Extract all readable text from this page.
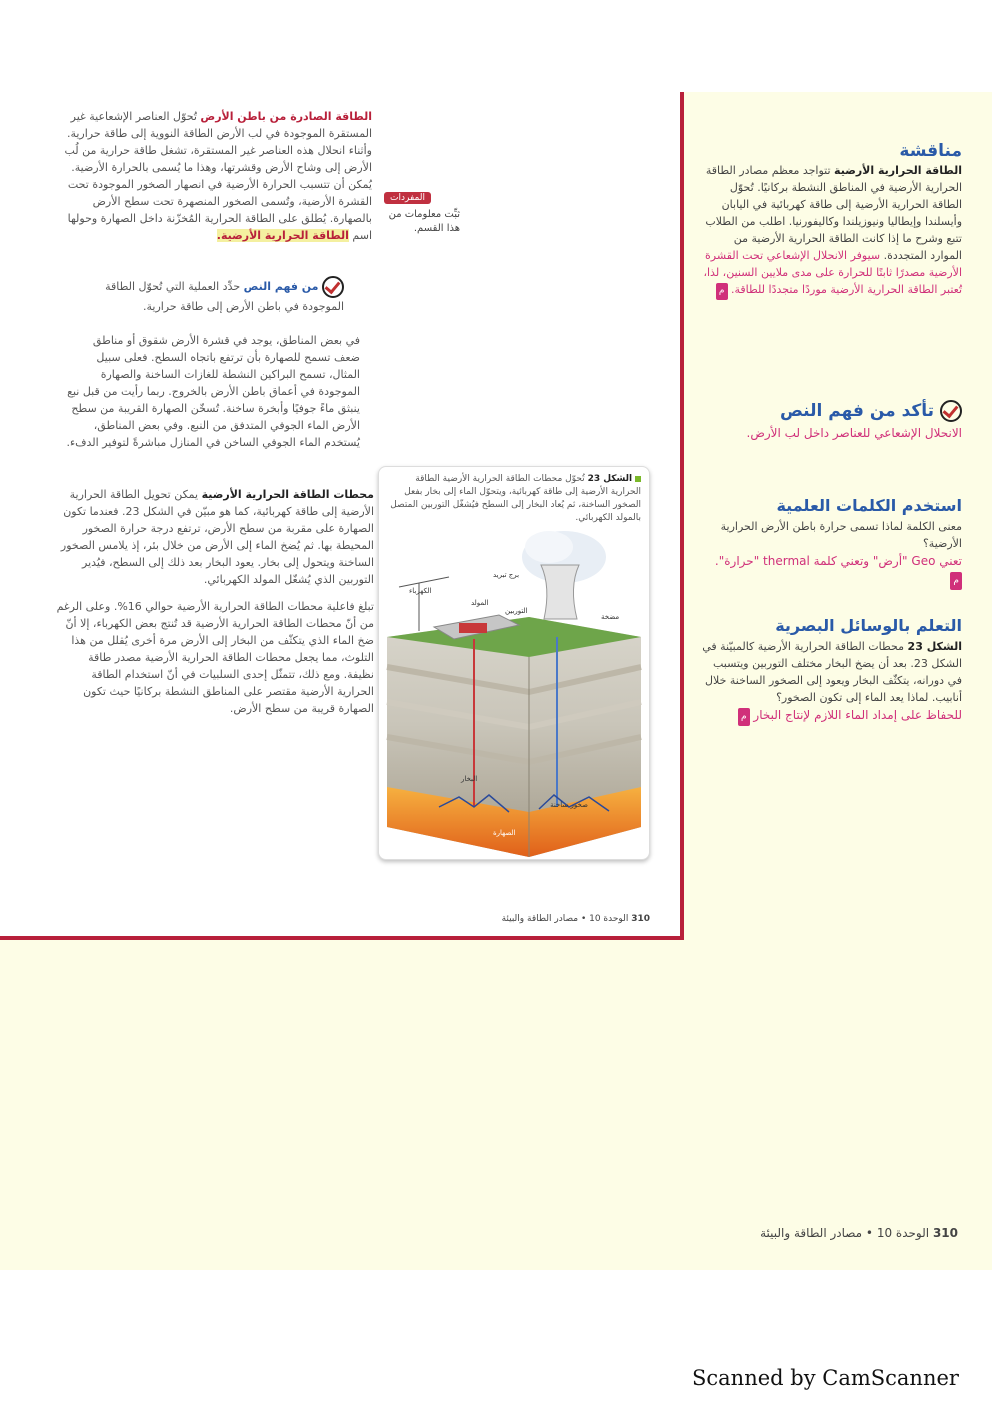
الطاقة الصادرة من باطن الأرض تُحوّل العناصر الإشعاعية غير المستقرة الموجودة في لب الأرض الطاقة النووية إلى طاقة حرارية. وأثناء انحلال هذه العناصر غير المستقرة، تشغل طاقة حرارية من لُب الأرض إلى وشاح الأرض وقشرتها، وهذا ما يُسمى بالحرارة الأرضية. يُمكن أن تتسبب الحرارة الأرضية في انصهار الصخور الموجودة تحت القشرة الأرضية، وتُسمى الصخور المنصهرة تحت سطح الأرض بالصهارة. يُطلق على الطاقة الحرارية المُخزّنة داخل الصهارة وحولها اسم الطاقة الحرارية الأرضية.
المفردات
ثبِّت معلومات من هذا القسم.
من فهم النص حدِّد العملية التي تُحوّل الطاقة الموجودة في باطن الأرض إلى طاقة حرارية.
في بعض المناطق، يوجد في قشرة الأرض شقوق أو مناطق ضعف تسمح للصهارة بأن ترتفع باتجاه السطح. فعلى سبيل المثال، تسمح البراكين النشطة للغازات الساخنة والصهارة الموجودة في أعماق باطن الأرض بالخروج. ربما رأيت من قبل نبع ينبثق ماءً جوفيًا وأبخرة ساخنة. تُسخّن الصهارة القريبة من سطح الأرض الماء الجوفي المتدفق من النبع. وفي بعض المناطق، يُستخدم الماء الجوفي الساخن في المنازل مباشرةً لتوفير الدفء.
محطات الطاقة الحرارية الأرضية يمكن تحويل الطاقة الحرارية الأرضية إلى طاقة كهربائية، كما هو مبيّن في الشكل 23. فعندما تكون الصهارة على مقربة من سطح الأرض، ترتفع درجة حرارة الصخور المحيطة بها. ثم يُضخ الماء إلى الأرض من خلال بئر، إذ يلامس الصخور الساخنة ويتحول إلى بخار. يعود البخار بعد ذلك إلى السطح، فيُدير التوربين الذي يُشغّل المولد الكهربائي.
تبلغ فاعلية محطات الطاقة الحرارية الأرضية حوالي 16%. وعلى الرغم من أنّ محطات الطاقة الحرارية الأرضية قد تُنتج بعض الكهرباء، إلا أنّ ضخ الماء الذي يتكثّف من البخار إلى الأرض مرة أخرى يُقلل من هذا التلوث، مما يجعل محطات الطاقة الحرارية الأرضية مصدر طاقة نظيفة. ومع ذلك، تتمثّل إحدى السلبيات في أنّ استخدام الطاقة الحرارية الأرضية مقتصر على المناطق النشطة بركانيًا حيث تكون الصهارة قريبة من سطح الأرض.
الشكل 23 تُحوّل محطات الطاقة الحرارية الأرضية الطاقة الحرارية الأرضية إلى طاقة كهربائية، ويتحوّل الماء إلى بخار بفعل الصخور الساخنة، ثم يُعاد البخار إلى السطح فيُشغّل التوربين المتصل بالمولد الكهربائي.
برج تبريد
الكهرباء
المولد
التوربين
مضخة
البخار
صخور ساخنة
الصهارة
310 الوحدة 10 • مصادر الطاقة والبيئة
مناقشة
الطاقة الحرارية الأرضية تتواجد معظم مصادر الطاقة الحرارية الأرضية في المناطق النشطة بركانيًا. تُحوّل الطاقة الحرارية الأرضية إلى طاقة كهربائية في اليابان وأيسلندا وإيطاليا ونيوزيلندا وكاليفورنيا. اطلب من الطلاب تتبع وشرح ما إذا كانت الطاقة الحرارية الأرضية من الموارد المتجددة. سيوفر الانحلال الإشعاعي تحت القشرة الأرضية مصدرًا ثابتًا للحرارة على مدى ملايين السنين، لذا، تُعتبر الطاقة الحرارية الأرضية موردًا متجددًا للطاقة. م
تأكد من فهم النص
الانحلال الإشعاعي للعناصر داخل لب الأرض.
استخدم الكلمات العلمية
معنى الكلمة لماذا تسمى حرارة باطن الأرض الحرارية الأرضية؟
تعني Geo "أرض" وتعني كلمة thermal "حرارة". م
التعلم بالوسائل البصرية
الشكل 23 محطات الطاقة الحرارية الأرضية كالمبيّنة في الشكل 23. بعد أن يضخ البخار مختلف التوربين ويتسبب في دورانه، يتكثّف البخار ويعود إلى الصخور الساخنة خلال أنابيب. لماذا يعد الماء إلى تكون الصخور؟
للحفاظ على إمداد الماء اللازم لإنتاج البخار م
310 الوحدة 10 • مصادر الطاقة والبيئة
Scanned by CamScanner
